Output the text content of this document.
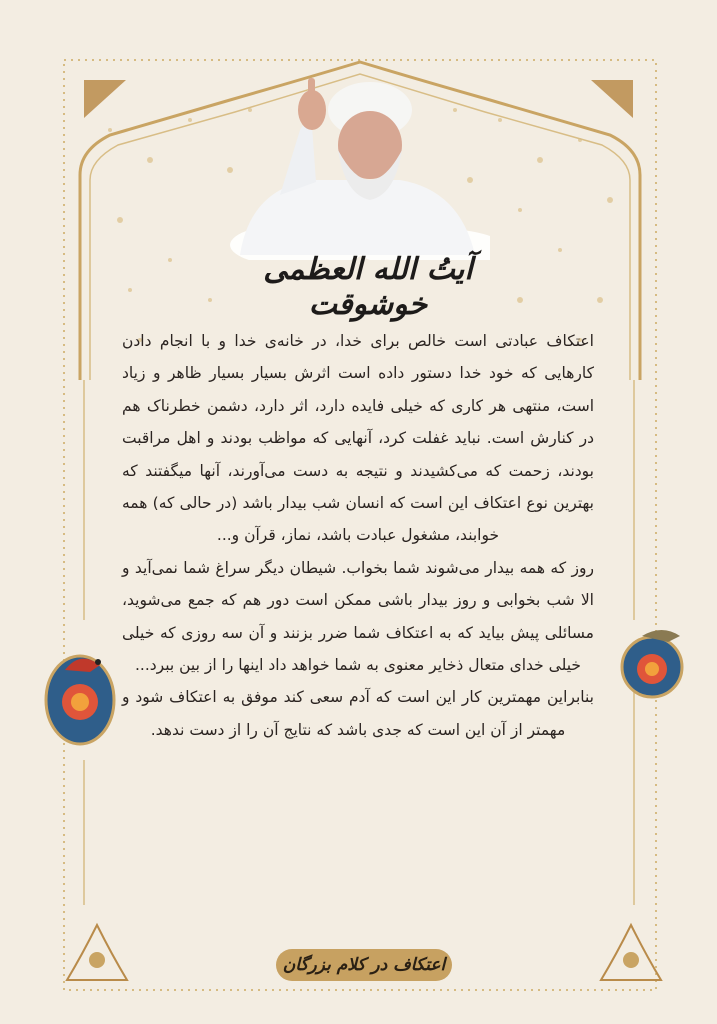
آیتُ الله العظمی خوشوقت

اعتکاف عبادتی است خالص برای خدا، در خانه‌ی خدا و با انجام دادن کارهایی که خود خدا دستور داده است اثرش بسیار بسیار ظاهر و زیاد است، منتهی هر کاری که خیلی فایده دارد، اثر دارد، دشمن خطرناک هم در کنارش است. نباید غفلت کرد، آنهایی که مواظب بودند و اهل مراقبت بودند، زحمت که می‌کشیدند و نتیجه به دست می‌آورند، آنها میگفتند که بهترین نوع اعتکاف این است که انسان شب بیدار باشد (در حالی که) همه خوابند، مشغول عبادت باشد، نماز، قرآن و...

روز که همه بیدار می‌شوند شما بخواب. شیطان دیگر سراغ شما نمی‌آید و الا شب بخوابی و روز بیدار باشی ممکن است دور هم که جمع می‌شوید، مسائلی پیش بیاید که به اعتکاف شما ضرر بزنند و آن سه روزی که خیلی خیلی خدای متعال ذخایر معنوی به شما خواهد داد اینها را از بین ببرد...

بنابراین مهمترین کار این است که آدم سعی کند موفق به اعتکاف شود و مهمتر از آن این است که جدی باشد که نتایج آن را از دست ندهد.

اعتکاف در کلام بزرگان
